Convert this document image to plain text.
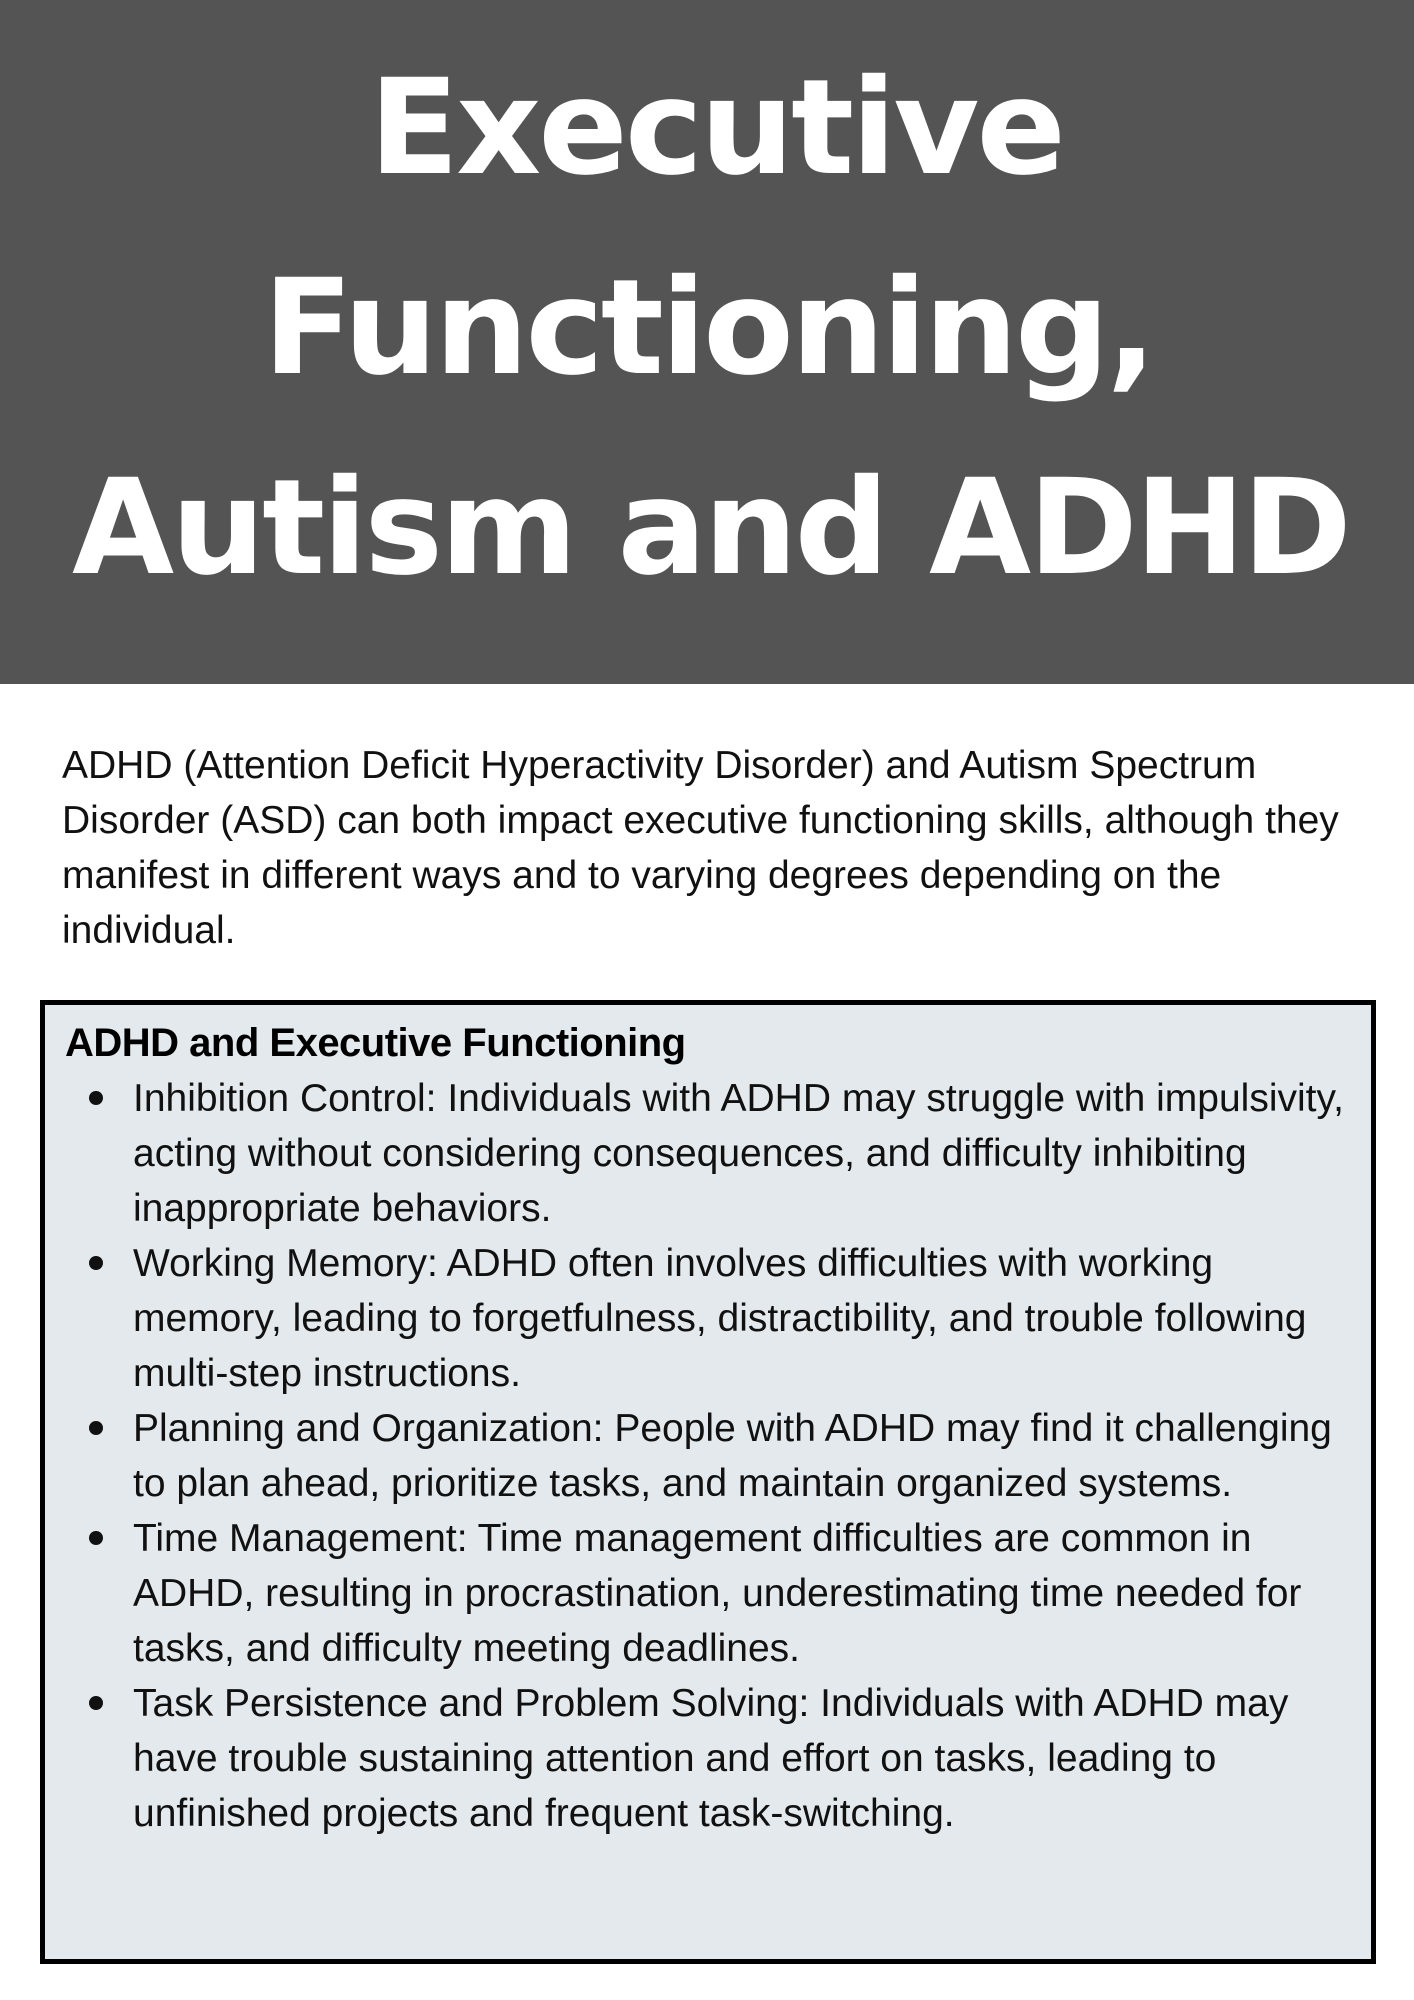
Executive
Functioning,
Autism and ADHD

ADHD (Attention Deficit Hyperactivity Disorder) and Autism Spectrum Disorder (ASD) can both impact executive functioning skills, although they manifest in different ways and to varying degrees depending on the individual.

ADHD and Executive Functioning
Inhibition Control: Individuals with ADHD may struggle with impulsivity, acting without considering consequences, and difficulty inhibiting inappropriate behaviors.
Working Memory: ADHD often involves difficulties with working memory, leading to forgetfulness, distractibility, and trouble following multi-step instructions.
Planning and Organization: People with ADHD may find it challenging to plan ahead, prioritize tasks, and maintain organized systems.
Time Management: Time management difficulties are common in ADHD, resulting in procrastination, underestimating time needed for tasks, and difficulty meeting deadlines.
Task Persistence and Problem Solving: Individuals with ADHD may have trouble sustaining attention and effort on tasks, leading to unfinished projects and frequent task-switching.
